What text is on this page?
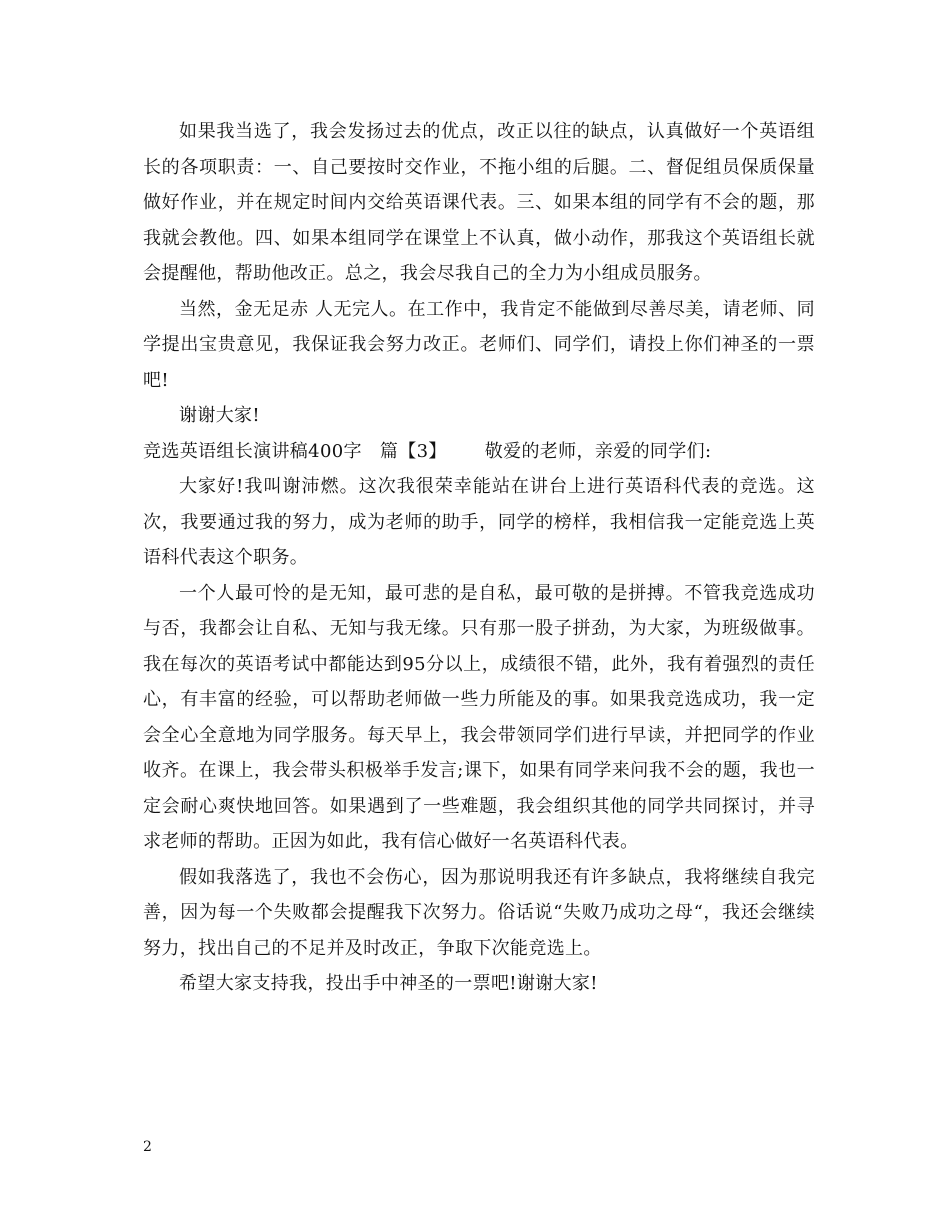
如果我当选了，我会发扬过去的优点，改正以往的缺点，认真做好一个英语组长的各项职责：一、自己要按时交作业，不拖小组的后腿。二、督促组员保质保量做好作业，并在规定时间内交给英语课代表。三、如果本组的同学有不会的题，那我就会教他。四、如果本组同学在课堂上不认真，做小动作，那我这个英语组长就会提醒他，帮助他改正。总之，我会尽我自己的全力为小组成员服务。

当然，金无足赤 人无完人。在工作中，我肯定不能做到尽善尽美，请老师、同学提出宝贵意见，我保证我会努力改正。老师们、同学们，请投上你们神圣的一票吧!

谢谢大家!

竞选英语组长演讲稿400字 篇【3】 敬爱的老师，亲爱的同学们:

大家好!我叫谢沛燃。这次我很荣幸能站在讲台上进行英语科代表的竞选。这次，我要通过我的努力，成为老师的助手，同学的榜样，我相信我一定能竞选上英语科代表这个职务。

一个人最可怜的是无知，最可悲的是自私，最可敬的是拼搏。不管我竞选成功与否，我都会让自私、无知与我无缘。只有那一股子拼劲，为大家，为班级做事。我在每次的英语考试中都能达到95分以上，成绩很不错，此外，我有着强烈的责任心，有丰富的经验，可以帮助老师做一些力所能及的事。如果我竞选成功，我一定会全心全意地为同学服务。每天早上，我会带领同学们进行早读，并把同学的作业收齐。在课上，我会带头积极举手发言;课下，如果有同学来问我不会的题，我也一定会耐心爽快地回答。如果遇到了一些难题，我会组织其他的同学共同探讨，并寻求老师的帮助。正因为如此，我有信心做好一名英语科代表。

假如我落选了，我也不会伤心，因为那说明我还有许多缺点，我将继续自我完善，因为每一个失败都会提醒我下次努力。俗话说“失败乃成功之母“，我还会继续努力，找出自己的不足并及时改正，争取下次能竞选上。

希望大家支持我，投出手中神圣的一票吧!谢谢大家!

2
